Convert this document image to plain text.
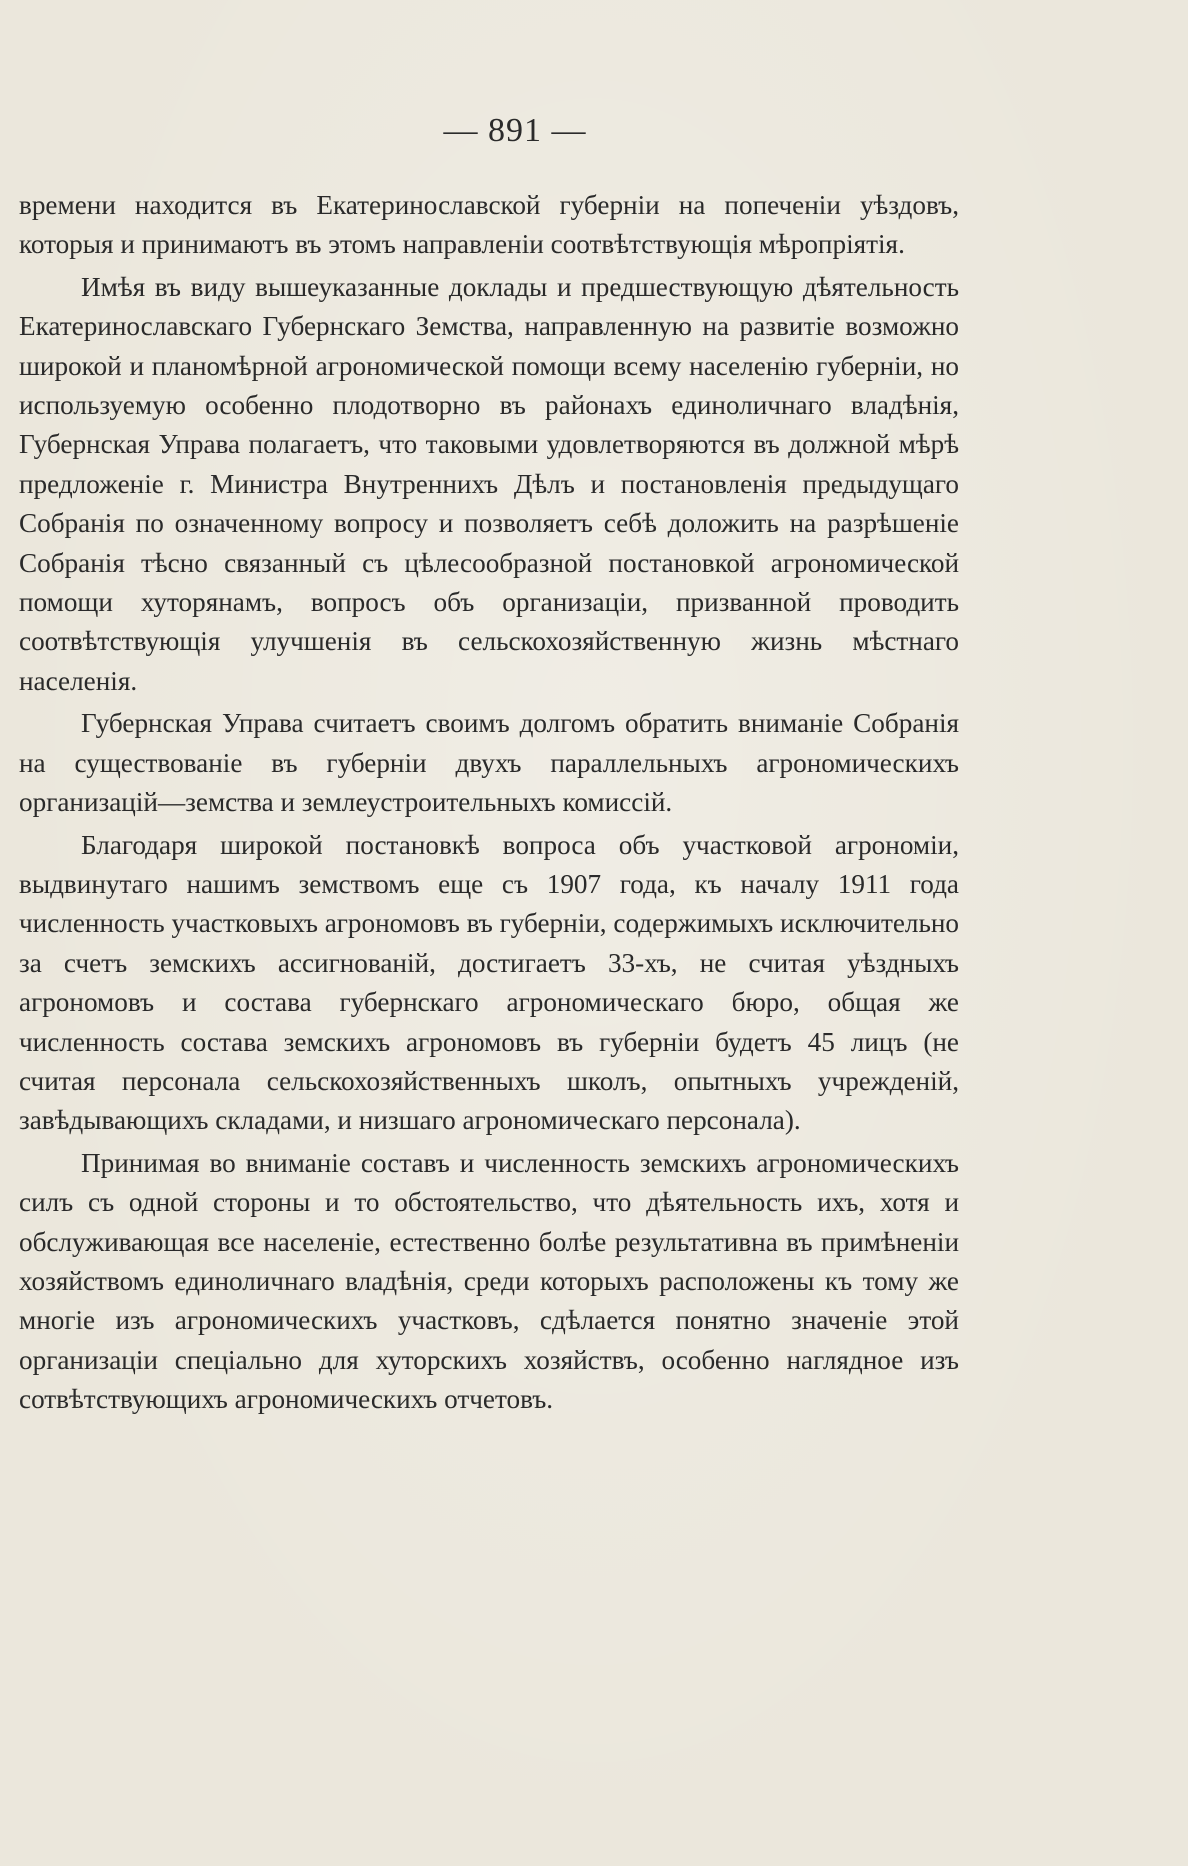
— 891 —

времени находится въ Екатеринославской губерніи на попеченіи уѣздовъ, которыя и принимаютъ въ этомъ направленіи соотвѣтствующія мѣропріятія.

Имѣя въ виду вышеуказанные доклады и предшествующую дѣятельность Екатеринославскаго Губернскаго Земства, направленную на развитіе возможно широкой и планомѣрной агрономической помощи всему населенію губерніи, но используемую особенно плодотворно въ районахъ единоличнаго владѣнія, Губернская Управа полагаетъ, что таковыми удовлетворяются въ должной мѣрѣ предложеніе г. Министра Внутреннихъ Дѣлъ и постановленія предыдущаго Собранія по означенному вопросу и позволяетъ себѣ доложить на разрѣшеніе Собранія тѣсно связанный съ цѣлесообразной постановкой агрономической помощи хуторянамъ, вопросъ объ организаціи, призванной проводить соотвѣтствующія улучшенія въ сельскохозяйственную жизнь мѣстнаго населенія.

Губернская Управа считаетъ своимъ долгомъ обратить вниманіе Собранія на существованіе въ губерніи двухъ параллельныхъ агрономическихъ организацій—земства и землеустроительныхъ комиссій.

Благодаря широкой постановкѣ вопроса объ участковой агрономіи, выдвинутаго нашимъ земствомъ еще съ 1907 года, къ началу 1911 года численность участковыхъ агрономовъ въ губерніи, содержимыхъ исключительно за счетъ земскихъ ассигнованій, достигаетъ 33-хъ, не считая уѣздныхъ агрономовъ и состава губернскаго агрономическаго бюро, общая же численность состава земскихъ агрономовъ въ губерніи будетъ 45 лицъ (не считая персонала сельскохозяйственныхъ школъ, опытныхъ учрежденій, завѣдывающихъ складами, и низшаго агрономическаго персонала).

Принимая во вниманіе составъ и численность земскихъ агрономическихъ силъ съ одной стороны и то обстоятельство, что дѣятельность ихъ, хотя и обслуживающая все населеніе, естественно болѣе результативна въ примѣненіи хозяйствомъ единоличнаго владѣнія, среди которыхъ расположены къ тому же многіе изъ агрономическихъ участковъ, сдѣлается понятно значеніе этой организаціи спеціально для хуторскихъ хозяйствъ, особенно наглядное изъ сотвѣтствующихъ агрономическихъ отчетовъ.
